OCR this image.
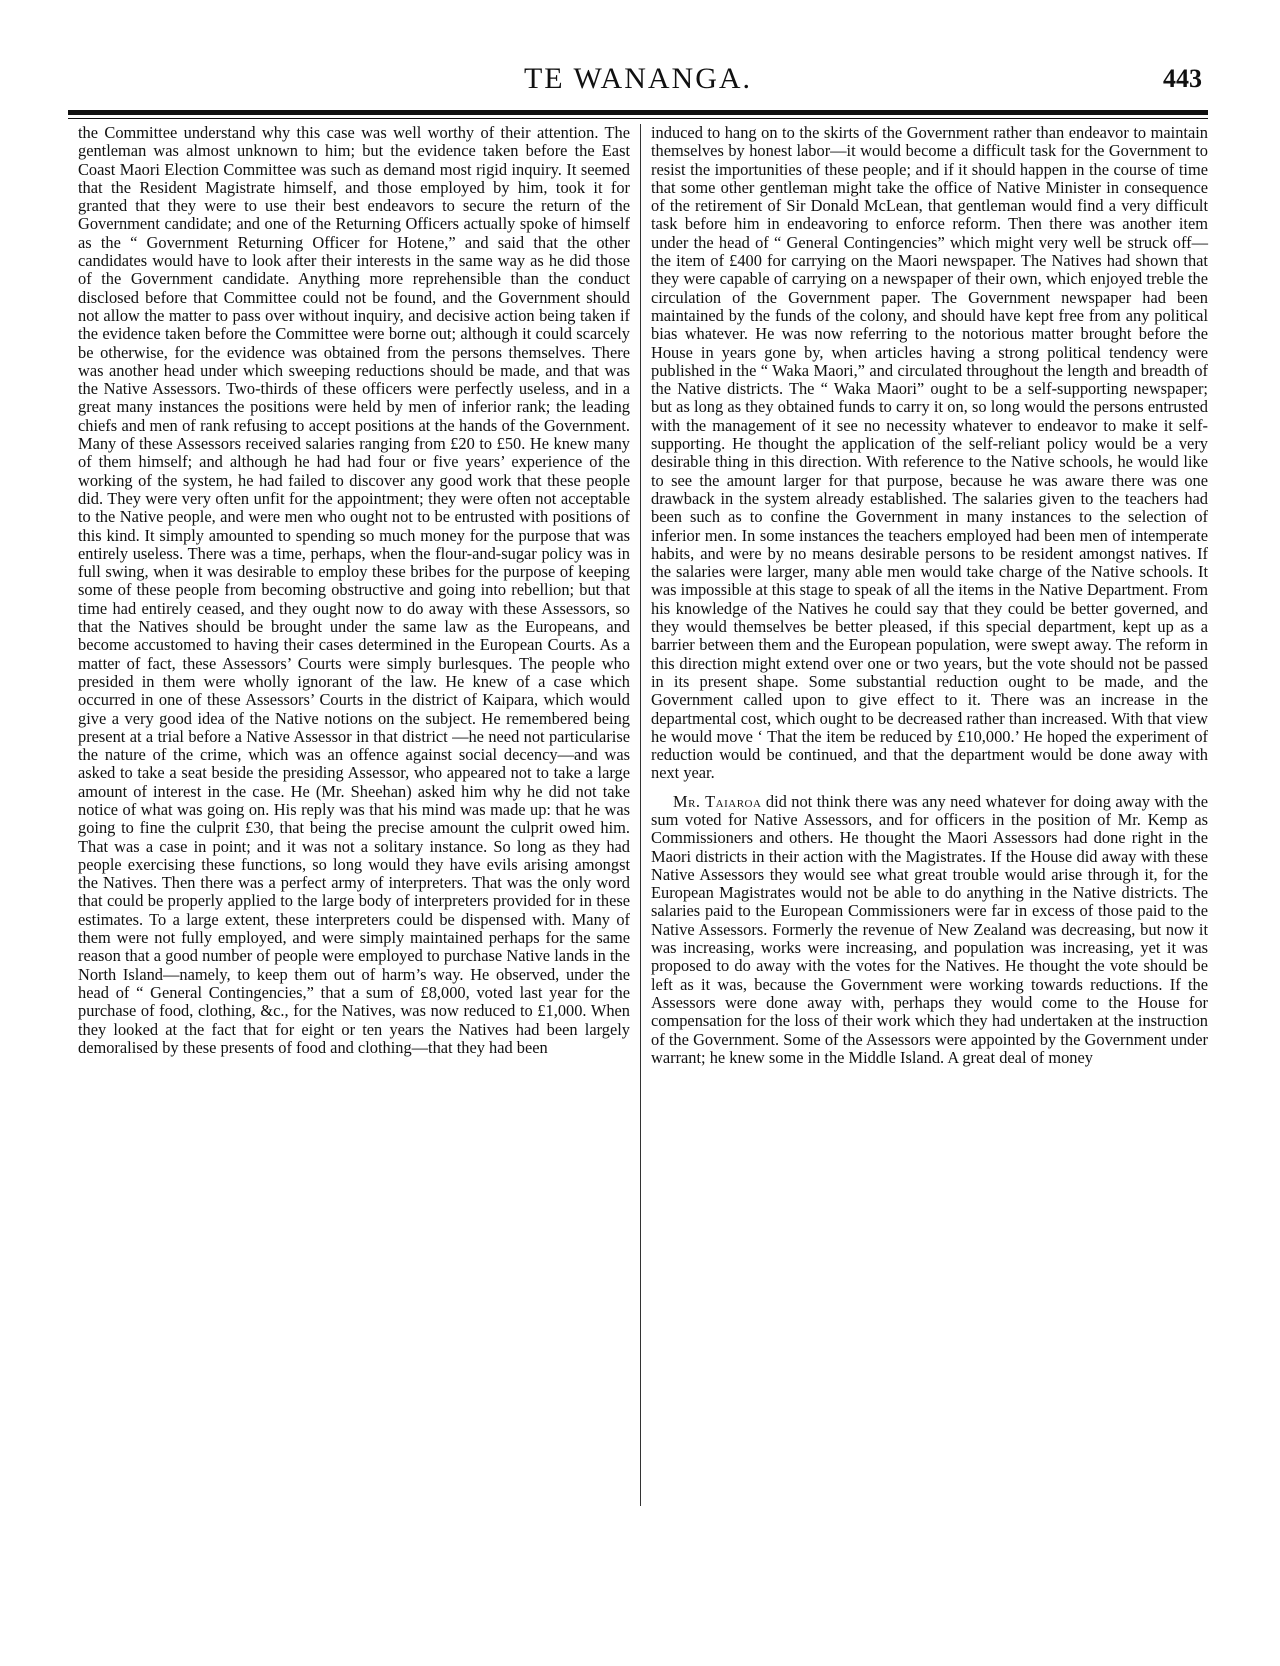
TE WANANGA.	443

the Committee understand why this case was well worthy of their attention. The gentleman was almost unknown to him; but the evidence taken before the East Coast Maori Election Committee was such as demand most rigid inquiry. It seemed that the Resident Magistrate himself, and those employed by him, took it for granted that they were to use their best endeavors to secure the return of the Government candidate; and one of the Returning Officers actually spoke of himself as the “ Government Returning Officer for Hotene,” and said that the other candidates would have to look after their interests in the same way as he did those of the Government candidate. Anything more reprehensible than the conduct disclosed before that Committee could not be found, and the Government should not allow the matter to pass over without inquiry, and decisive action being taken if the evidence taken before the Committee were borne out; although it could scarcely be otherwise, for the evidence was obtained from the persons themselves. There was another head under which sweeping reductions should be made, and that was the Native Assessors. Two-thirds of these officers were perfectly useless, and in a great many instances the positions were held by men of inferior rank; the leading chiefs and men of rank refusing to accept positions at the hands of the Government. Many of these Assessors received salaries ranging from £20 to £50. He knew many of them himself; and although he had had four or five years’ experience of the working of the system, he had failed to discover any good work that these people did. They were very often unfit for the appointment; they were often not acceptable to the Native people, and were men who ought not to be entrusted with positions of this kind. It simply amounted to spending so much money for the purpose that was entirely useless. There was a time, perhaps, when the flour-and-sugar policy was in full swing, when it was desirable to employ these bribes for the purpose of keeping some of these people from becoming obstructive and going into rebellion; but that time had entirely ceased, and they ought now to do away with these Assessors, so that the Natives should be brought under the same law as the Europeans, and become accustomed to having their cases determined in the European Courts. As a matter of fact, these Assessors’ Courts were simply burlesques. The people who presided in them were wholly ignorant of the law. He knew of a case which occurred in one of these Assessors’ Courts in the district of Kaipara, which would give a very good idea of the Native notions on the subject. He remembered being present at a trial before a Native Assessor in that district —he need not particularise the nature of the crime, which was an offence against social decency—and was asked to take a seat beside the presiding Assessor, who appeared not to take a large amount of interest in the case. He (Mr. Sheehan) asked him why he did not take notice of what was going on. His reply was that his mind was made up: that he was going to fine the culprit £30, that being the precise amount the culprit owed him. That was a case in point; and it was not a solitary instance. So long as they had people exercising these functions, so long would they have evils arising amongst the Natives. Then there was a perfect army of interpreters. That was the only word that could be properly applied to the large body of interpreters provided for in these estimates. To a large extent, these interpreters could be dispensed with. Many of them were not fully employed, and were simply maintained perhaps for the same reason that a good number of people were employed to purchase Native lands in the North Island—namely, to keep them out of harm’s way. He observed, under the head of “ General Contingencies,” that a sum of £8,000, voted last year for the purchase of food, clothing, &c., for the Natives, was now reduced to £1,000. When they looked at the fact that for eight or ten years the Natives had been largely demoralised by these presents of food and clothing—that they had been

induced to hang on to the skirts of the Government rather than endeavor to maintain themselves by honest labor—it would become a difficult task for the Government to resist the importunities of these people; and if it should happen in the course of time that some other gentleman might take the office of Native Minister in consequence of the retirement of Sir Donald McLean, that gentleman would find a very difficult task before him in endeavoring to enforce reform. Then there was another item under the head of “ General Contingencies” which might very well be struck off—the item of £400 for carrying on the Maori newspaper. The Natives had shown that they were capable of carrying on a newspaper of their own, which enjoyed treble the circulation of the Government paper. The Government newspaper had been maintained by the funds of the colony, and should have kept free from any political bias whatever. He was now referring to the notorious matter brought before the House in years gone by, when articles having a strong political tendency were published in the “ Waka Maori,” and circulated throughout the length and breadth of the Native districts. The “ Waka Maori” ought to be a self-supporting newspaper; but as long as they obtained funds to carry it on, so long would the persons entrusted with the management of it see no necessity whatever to endeavor to make it self-supporting. He thought the application of the self-reliant policy would be a very desirable thing in this direction. With reference to the Native schools, he would like to see the amount larger for that purpose, because he was aware there was one drawback in the system already established. The salaries given to the teachers had been such as to confine the Government in many instances to the selection of inferior men. In some instances the teachers employed had been men of intemperate habits, and were by no means desirable persons to be resident amongst natives. If the salaries were larger, many able men would take charge of the Native schools. It was impossible at this stage to speak of all the items in the Native Department. From his knowledge of the Natives he could say that they could be better governed, and they would themselves be better pleased, if this special department, kept up as a barrier between them and the European population, were swept away. The reform in this direction might extend over one or two years, but the vote should not be passed in its present shape. Some substantial reduction ought to be made, and the Government called upon to give effect to it. There was an increase in the departmental cost, which ought to be decreased rather than increased. With that view he would move ‘ That the item be reduced by £10,000.’ He hoped the experiment of reduction would be continued, and that the department would be done away with next year.

Mr. Taiaroa did not think there was any need whatever for doing away with the sum voted for Native Assessors, and for officers in the position of Mr. Kemp as Commissioners and others. He thought the Maori Assessors had done right in the Maori districts in their action with the Magistrates. If the House did away with these Native Assessors they would see what great trouble would arise through it, for the European Magistrates would not be able to do anything in the Native districts. The salaries paid to the European Commissioners were far in excess of those paid to the Native Assessors. Formerly the revenue of New Zealand was decreasing, but now it was increasing, works were increasing, and population was increasing, yet it was proposed to do away with the votes for the Natives. He thought the vote should be left as it was, because the Government were working towards reductions. If the Assessors were done away with, perhaps they would come to the House for compensation for the loss of their work which they had undertaken at the instruction of the Government. Some of the Assessors were appointed by the Government under warrant; he knew some in the Middle Island. A great deal of money
